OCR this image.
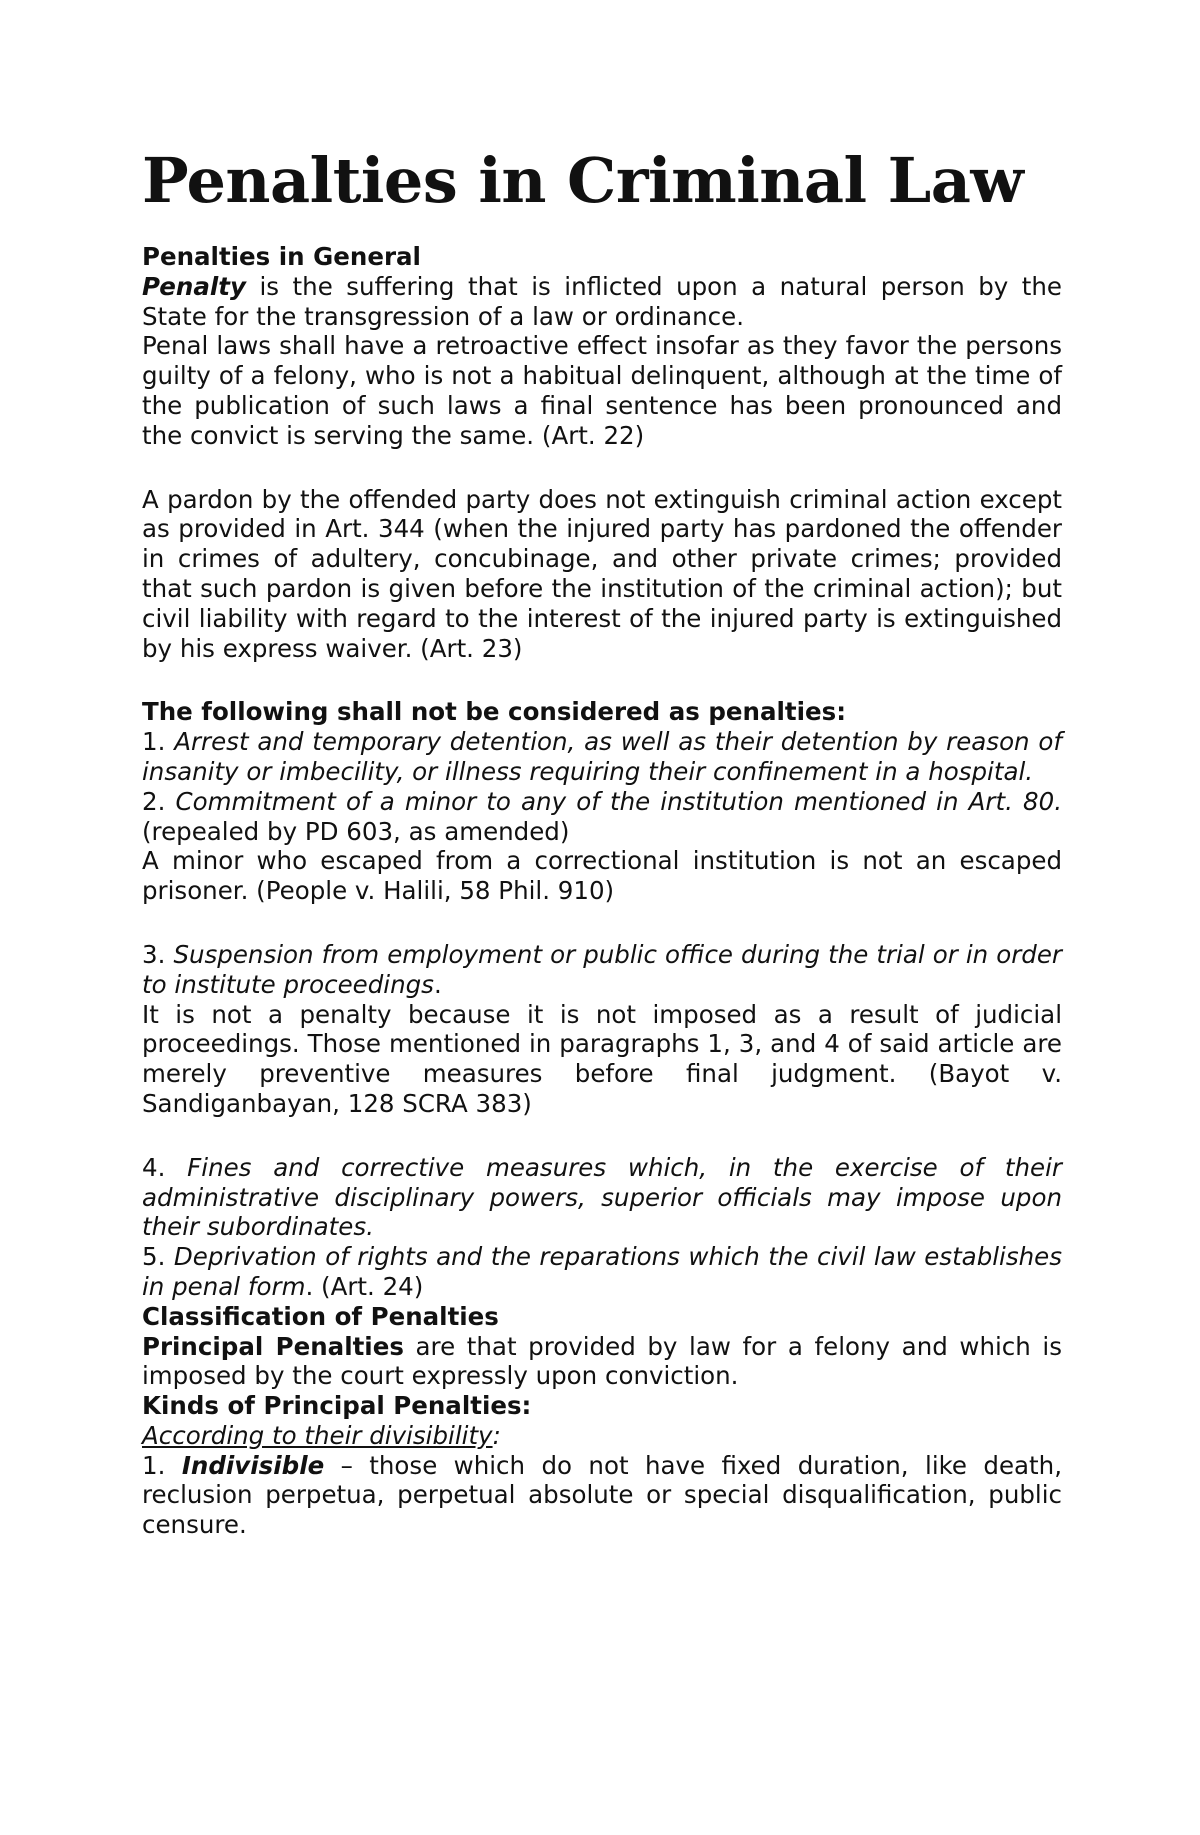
Penalties in Criminal Law

Penalties in General

Penalty is the suffering that is inflicted upon a natural person by the State for the transgression of a law or ordinance.

Penal laws shall have a retroactive effect insofar as they favor the persons guilty of a felony, who is not a habitual delinquent, although at the time of the publication of such laws a final sentence has been pronounced and the convict is serving the same. (Art. 22)

A pardon by the offended party does not extinguish criminal action except as provided in Art. 344 (when the injured party has pardoned the offender in crimes of adultery, concubinage, and other private crimes; provided that such pardon is given before the institution of the criminal action); but civil liability with regard to the interest of the injured party is extinguished by his express waiver. (Art. 23)

The following shall not be considered as penalties:

1. Arrest and temporary detention, as well as their detention by reason of insanity or imbecility, or illness requiring their confinement in a hospital.

2. Commitment of a minor to any of the institution mentioned in Art. 80. (repealed by PD 603, as amended)

A minor who escaped from a correctional institution is not an escaped prisoner. (People v. Halili, 58 Phil. 910)

3. Suspension from employment or public office during the trial or in order to institute proceedings.

It is not a penalty because it is not imposed as a result of judicial proceedings. Those mentioned in paragraphs 1, 3, and 4 of said article are merely preventive measures before final judgment. (Bayot v. Sandiganbayan, 128 SCRA 383)

4. Fines and corrective measures which, in the exercise of their administrative disciplinary powers, superior officials may impose upon their subordinates.

5. Deprivation of rights and the reparations which the civil law establishes in penal form. (Art. 24)

Classification of Penalties

Principal Penalties are that provided by law for a felony and which is imposed by the court expressly upon conviction.

Kinds of Principal Penalties:

According to their divisibility:

1. Indivisible – those which do not have fixed duration, like death, reclusion perpetua, perpetual absolute or special disqualification, public censure.
